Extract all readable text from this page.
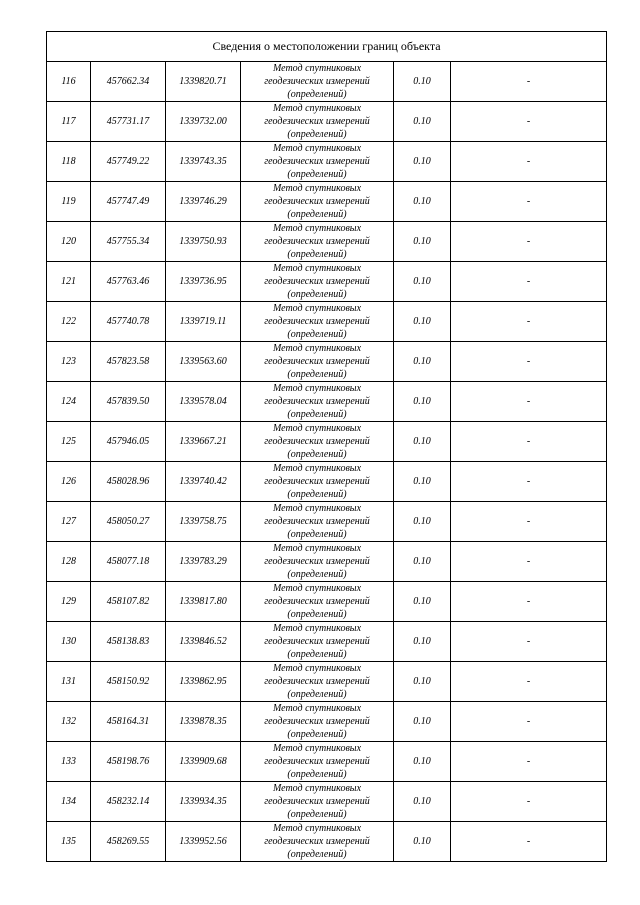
Сведения о местоположении границ объекта					
116	457662.34	1339820.71	Метод спутниковых
геодезических измерений
(определений)	0.10	-
117	457731.17	1339732.00	Метод спутниковых
геодезических измерений
(определений)	0.10	-
118	457749.22	1339743.35	Метод спутниковых
геодезических измерений
(определений)	0.10	-
119	457747.49	1339746.29	Метод спутниковых
геодезических измерений
(определений)	0.10	-
120	457755.34	1339750.93	Метод спутниковых
геодезических измерений
(определений)	0.10	-
121	457763.46	1339736.95	Метод спутниковых
геодезических измерений
(определений)	0.10	-
122	457740.78	1339719.11	Метод спутниковых
геодезических измерений
(определений)	0.10	-
123	457823.58	1339563.60	Метод спутниковых
геодезических измерений
(определений)	0.10	-
124	457839.50	1339578.04	Метод спутниковых
геодезических измерений
(определений)	0.10	-
125	457946.05	1339667.21	Метод спутниковых
геодезических измерений
(определений)	0.10	-
126	458028.96	1339740.42	Метод спутниковых
геодезических измерений
(определений)	0.10	-
127	458050.27	1339758.75	Метод спутниковых
геодезических измерений
(определений)	0.10	-
128	458077.18	1339783.29	Метод спутниковых
геодезических измерений
(определений)	0.10	-
129	458107.82	1339817.80	Метод спутниковых
геодезических измерений
(определений)	0.10	-
130	458138.83	1339846.52	Метод спутниковых
геодезических измерений
(определений)	0.10	-
131	458150.92	1339862.95	Метод спутниковых
геодезических измерений
(определений)	0.10	-
132	458164.31	1339878.35	Метод спутниковых
геодезических измерений
(определений)	0.10	-
133	458198.76	1339909.68	Метод спутниковых
геодезических измерений
(определений)	0.10	-
134	458232.14	1339934.35	Метод спутниковых
геодезических измерений
(определений)	0.10	-
135	458269.55	1339952.56	Метод спутниковых
геодезических измерений
(определений)	0.10	-
